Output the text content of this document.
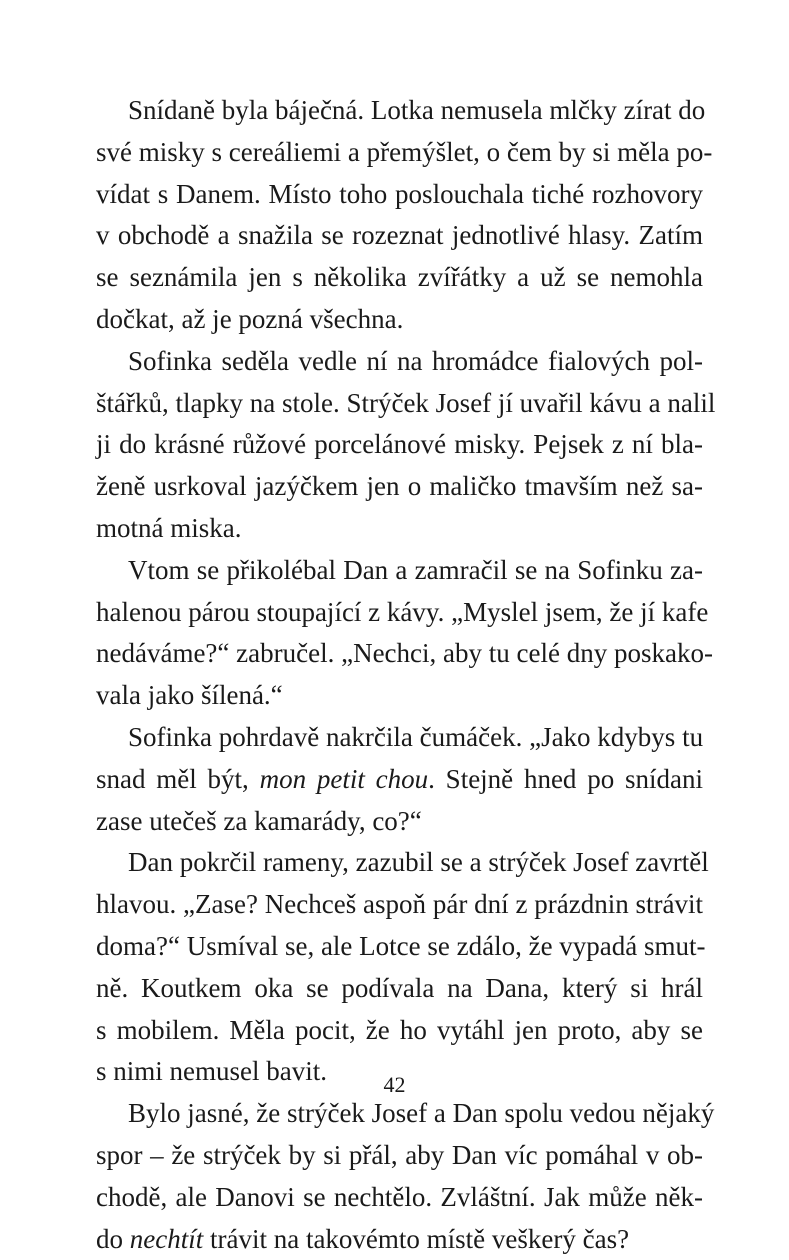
Snídaně byla báječná. Lotka nemusela mlčky zírat do
své misky s cereáliemi a přemýšlet, o čem by si měla po-
vídat s Danem. Místo toho poslouchala tiché rozhovory
v obchodě a snažila se rozeznat jednotlivé hlasy. Zatím
se seznámila jen s několika zvířátky a už se nemohla
dočkat, až je pozná všechna.
Sofinka seděla vedle ní na hromádce fialových pol-
štářků, tlapky na stole. Strýček Josef jí uvařil kávu a nalil
ji do krásné růžové porcelánové misky. Pejsek z ní bla-
ženě usrkoval jazýčkem jen o maličko tmavším než sa-
motná miska.
Vtom se přikolébal Dan a zamračil se na Sofinku za-
halenou párou stoupající z kávy. „Myslel jsem, že jí kafe
nedáváme?“ zabručel. „Nechci, aby tu celé dny poskako-
vala jako šílená.“
Sofinka pohrdavě nakrčila čumáček. „Jako kdybys tu
snad měl být, mon petit chou. Stejně hned po snídani
zase utečeš za kamarády, co?“
Dan pokrčil rameny, zazubil se a strýček Josef zavrtěl
hlavou. „Zase? Nechceš aspoň pár dní z prázdnin strávit
doma?“ Usmíval se, ale Lotce se zdálo, že vypadá smut-
ně. Koutkem oka se podívala na Dana, který si hrál
s mobilem. Měla pocit, že ho vytáhl jen proto, aby se
s nimi nemusel bavit.
Bylo jasné, že strýček Josef a Dan spolu vedou nějaký
spor – že strýček by si přál, aby Dan víc pomáhal v ob-
chodě, ale Danovi se nechtělo. Zvláštní. Jak může něk-
do nechtít trávit na takovémto místě veškerý čas?
42
